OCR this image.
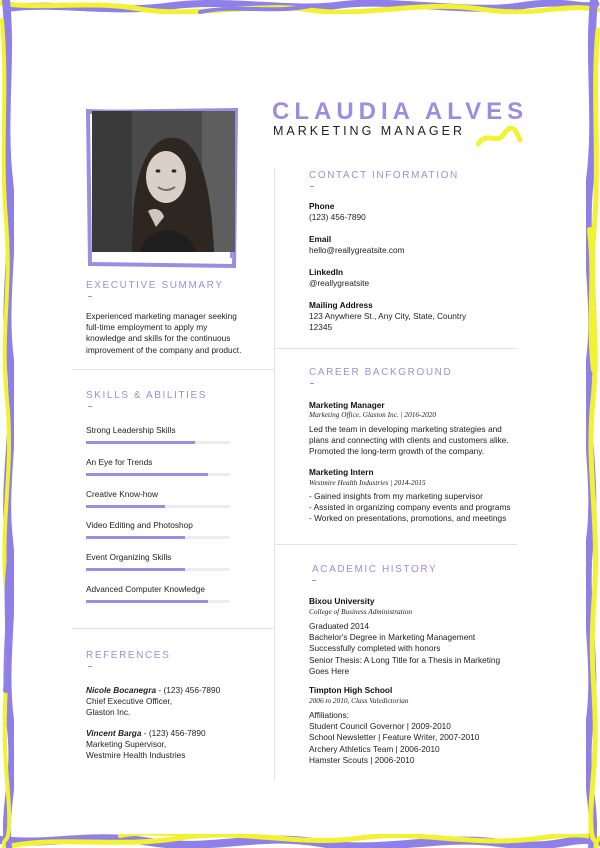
CLAUDIA ALVES
MARKETING MANAGER
EXECUTIVE SUMMARY
Experienced marketing manager seeking
full-time employment to apply my
knowledge and skills for the continuous
improvement of the company and product.
SKILLS & ABILITIES
Strong Leadership Skills
An Eye for Trends
Creative Know-how
Video Editing and Photoshop
Event Organizing Skills
Advanced Computer Knowledge
REFERENCES
Nicole Bocanegra - (123) 456-7890
Chief Executive Officer,
Glaston Inc.
Vincent Barga - (123) 456-7890
Marketing Supervisor,
Westmire Health Industries
CONTACT INFORMATION
Phone
(123) 456-7890
Email
hello@reallygreatsite.com
LinkedIn
@reallygreatsite
Mailing Address
123 Anywhere St., Any City, State, Country
12345
CAREER BACKGROUND
Marketing Manager
Marketing Office, Glaston Inc. | 2016-2020
Led the team in developing marketing strategies and
plans and connecting with clients and customers alike.
Promoted the long-term growth of the company.
Marketing Intern
Westmire Health Industries | 2014-2015
- Gained insights from my marketing supervisor
- Assisted in organizing company events and programs
- Worked on presentations, promotions, and meetings
ACADEMIC HISTORY
Bixou University
College of Business Administration
Graduated 2014
Bachelor's Degree in Marketing Management
Successfully completed with honors
Senior Thesis: A Long Title for a Thesis in Marketing
Goes Here
Timpton High School
2006 to 2010, Class Valedictorian
Affiliations:
Student Council Governor | 2009-2010
School Newsletter | Feature Writer, 2007-2010
Archery Athletics Team | 2006-2010
Hamster Scouts | 2006-2010
